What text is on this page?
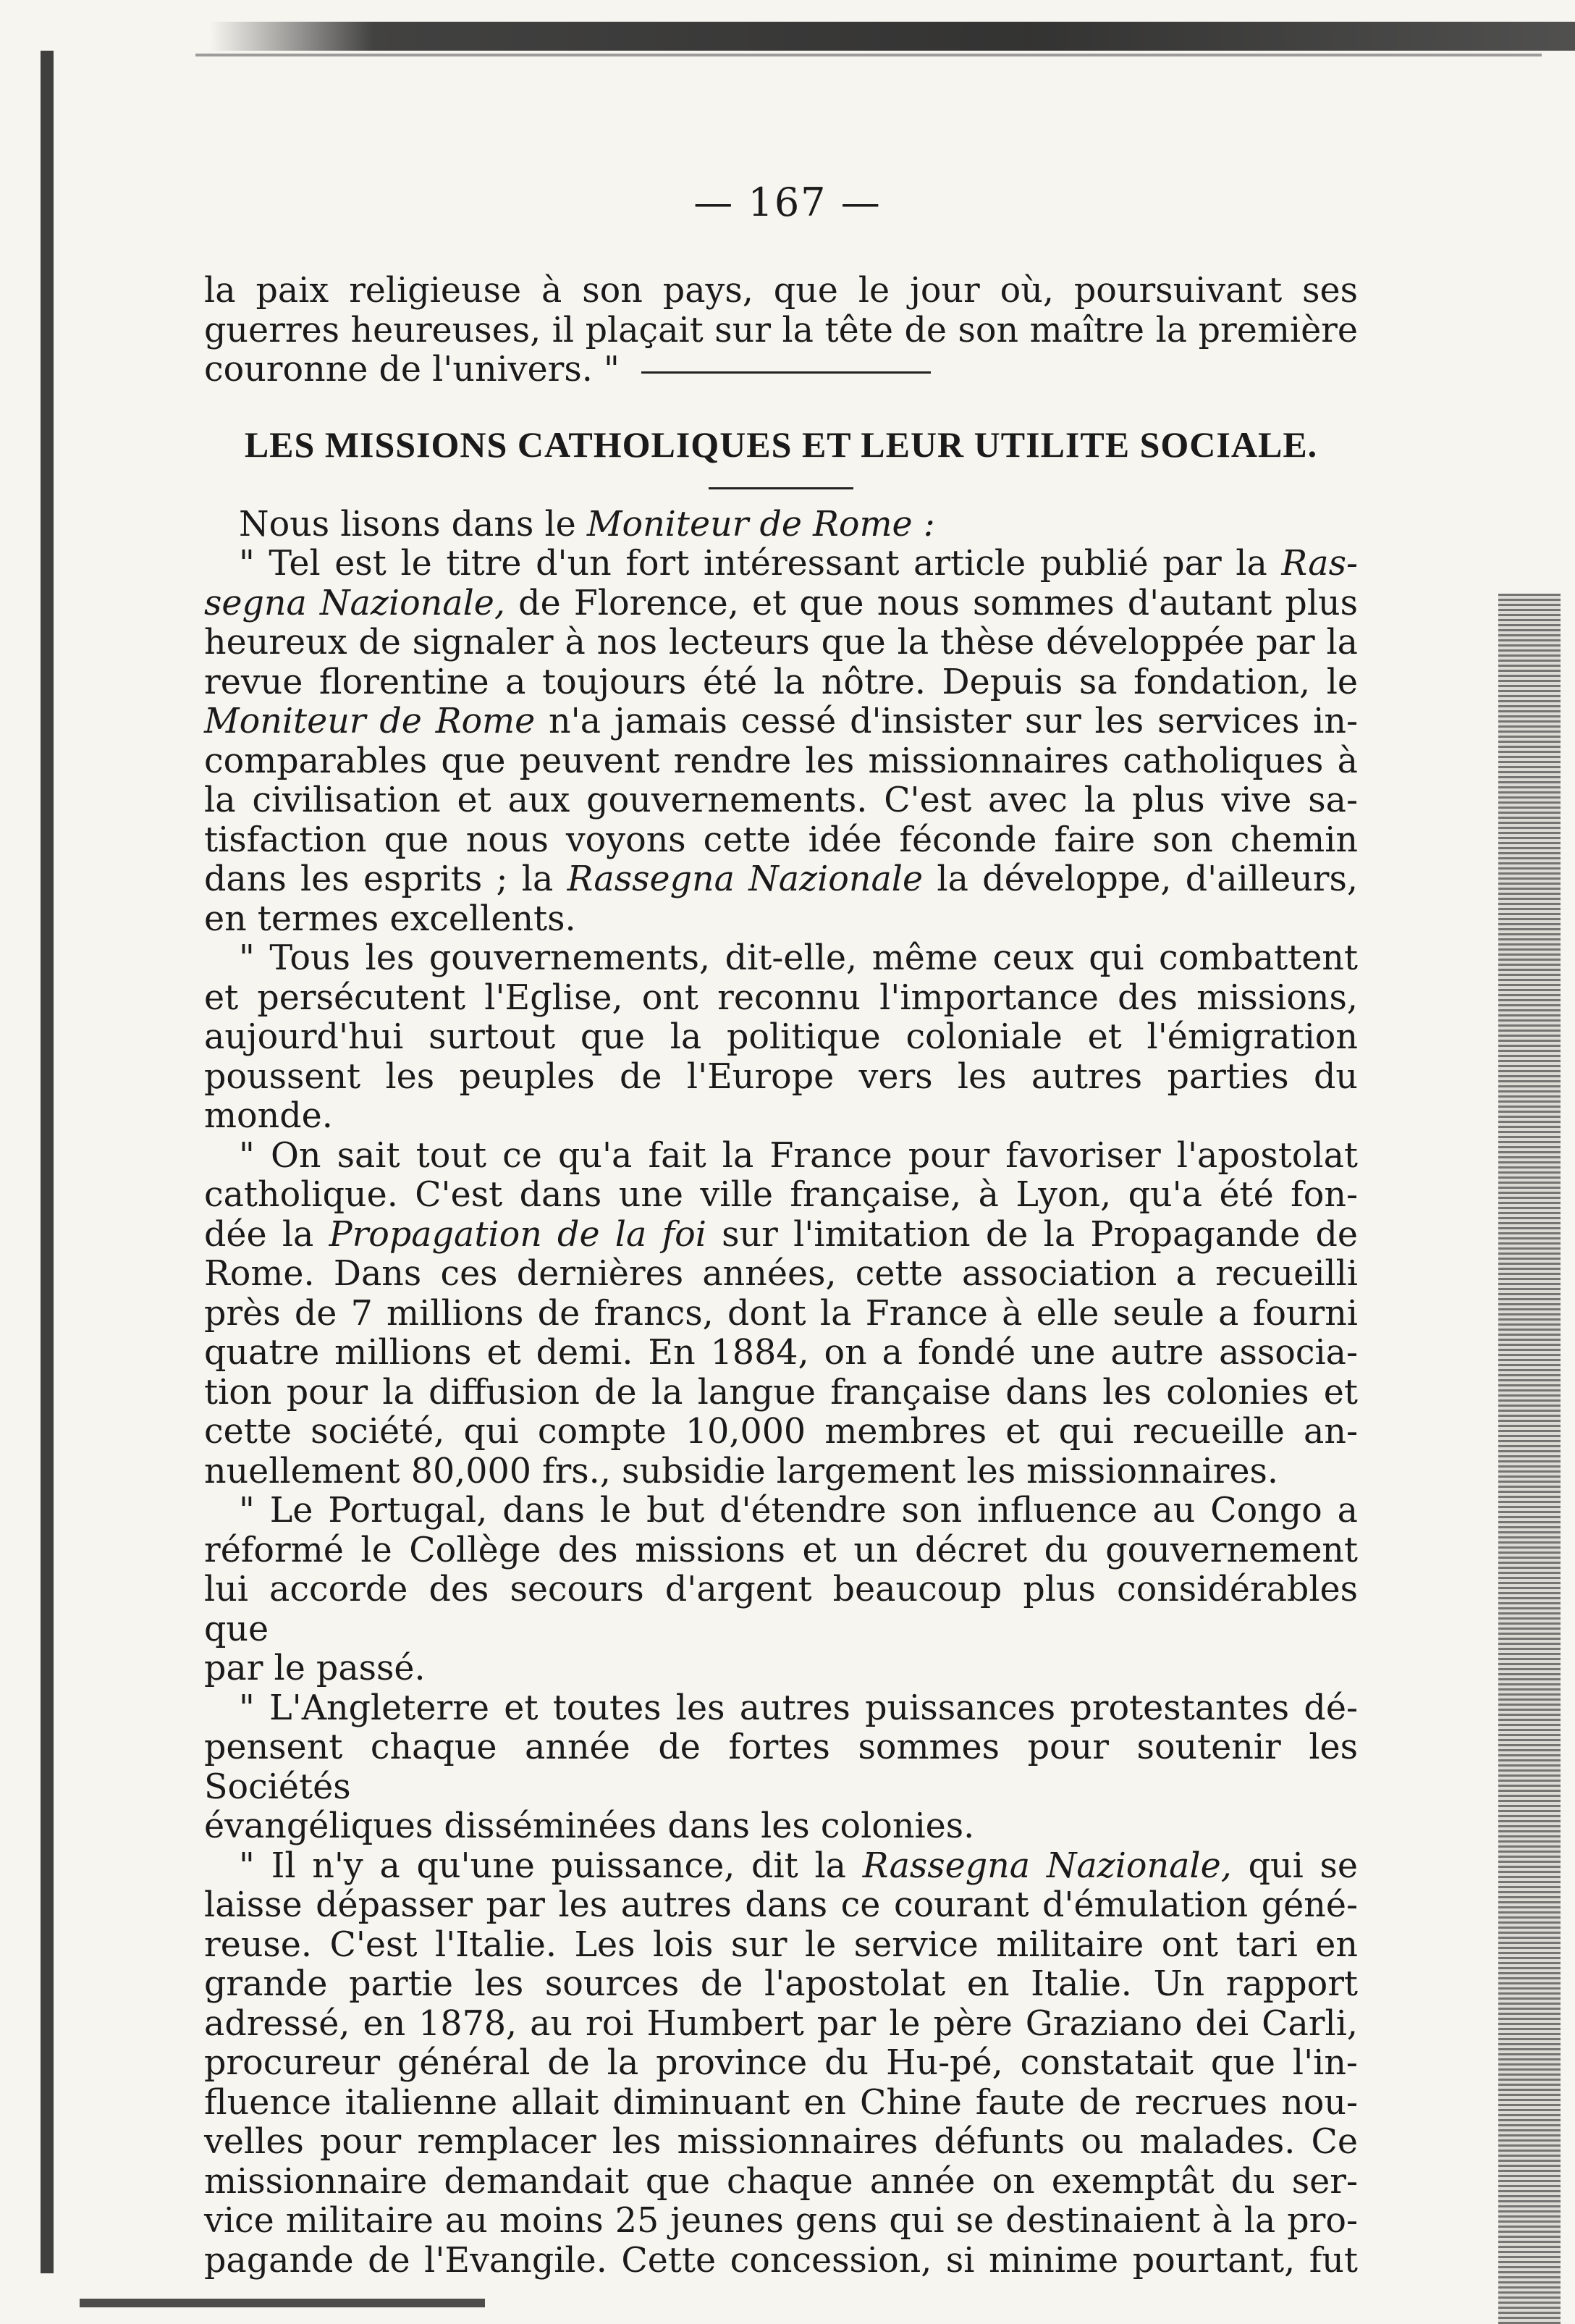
— 167 —

la paix religieuse à son pays, que le jour où, poursuivant ses

guerres heureuses, il plaçait sur la tête de son maître la première

couronne de l'univers. "

LES MISSIONS CATHOLIQUES ET LEUR UTILITE SOCIALE.

Nous lisons dans le Moniteur de Rome :

" Tel est le titre d'un fort intéressant article publié par la Ras-

segna Nazionale, de Florence, et que nous sommes d'autant plus

heureux de signaler à nos lecteurs que la thèse développée par la

revue florentine a toujours été la nôtre. Depuis sa fondation, le

Moniteur de Rome n'a jamais cessé d'insister sur les services in-

comparables que peuvent rendre les missionnaires catholiques à

la civilisation et aux gouvernements. C'est avec la plus vive sa-

tisfaction que nous voyons cette idée féconde faire son chemin

dans les esprits ; la Rassegna Nazionale la développe, d'ailleurs,

en termes excellents.

" Tous les gouvernements, dit-elle, même ceux qui combattent

et persécutent l'Eglise, ont reconnu l'importance des missions,

aujourd'hui surtout que la politique coloniale et l'émigration

poussent les peuples de l'Europe vers les autres parties du monde.

" On sait tout ce qu'a fait la France pour favoriser l'apostolat

catholique. C'est dans une ville française, à Lyon, qu'a été fon-

dée la Propagation de la foi sur l'imitation de la Propagande de

Rome. Dans ces dernières années, cette association a recueilli

près de 7 millions de francs, dont la France à elle seule a fourni

quatre millions et demi. En 1884, on a fondé une autre associa-

tion pour la diffusion de la langue française dans les colonies et

cette société, qui compte 10,000 membres et qui recueille an-

nuellement 80,000 frs., subsidie largement les missionnaires.

" Le Portugal, dans le but d'étendre son influence au Congo a

réformé le Collège des missions et un décret du gouvernement

lui accorde des secours d'argent beaucoup plus considérables que

par le passé.

" L'Angleterre et toutes les autres puissances protestantes dé-

pensent chaque année de fortes sommes pour soutenir les Sociétés

évangéliques disséminées dans les colonies.

" Il n'y a qu'une puissance, dit la Rassegna Nazionale, qui se

laisse dépasser par les autres dans ce courant d'émulation géné-

reuse. C'est l'Italie. Les lois sur le service militaire ont tari en

grande partie les sources de l'apostolat en Italie. Un rapport

adressé, en 1878, au roi Humbert par le père Graziano dei Carli,

procureur général de la province du Hu-pé, constatait que l'in-

fluence italienne allait diminuant en Chine faute de recrues nou-

velles pour remplacer les missionnaires défunts ou malades. Ce

missionnaire demandait que chaque année on exemptât du ser-

vice militaire au moins 25 jeunes gens qui se destinaient à la pro-

pagande de l'Evangile. Cette concession, si minime pourtant, fut
